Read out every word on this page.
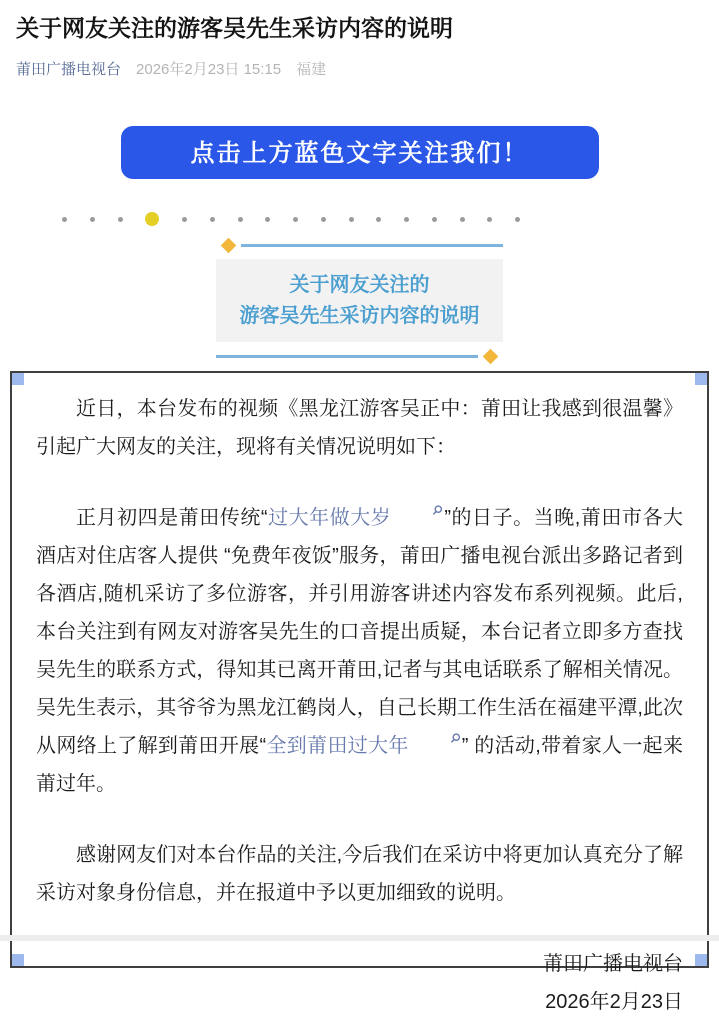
关于网友关注的游客吴先生采访内容的说明
莆田广播电视台 2026年2月23日 15:15 福建
点击上方蓝色文字关注我们！
关于网友关注的
游客吴先生采访内容的说明

近日，本台发布的视频《黑龙江游客吴正中：莆田让我感到很温馨》引起广大网友的关注，现将有关情况说明如下：

正月初四是莆田传统“过大年做大岁	”的日子。当晚,莆田市各大酒店对住店客人提供 “免费年夜饭”服务，莆田广播电视台派出多路记者到各酒店,随机采访了多位游客，并引用游客讲述内容发布系列视频。此后,本台关注到有网友对游客吴先生的口音提出质疑，本台记者立即多方查找吴先生的联系方式，得知其已离开莆田,记者与其电话联系了解相关情况。吴先生表示，其爷爷为黑龙江鹤岗人，自己长期工作生活在福建平潭,此次从网络上了解到莆田开展“全到莆田过大年	” 的活动,带着家人一起来莆过年。

感谢网友们对本台作品的关注,今后我们在采访中将更加认真充分了解采访对象身份信息，并在报道中予以更加细致的说明。

莆田广播电视台
2026年2月23日
